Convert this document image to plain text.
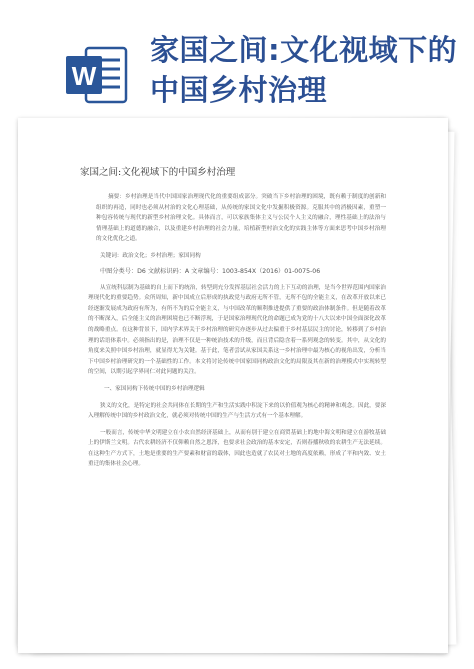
W
家国之间:文化视域下的中国乡村治理

家国之间:文化视域下的中国乡村治理

摘要：乡村治理是当代中国国家治理现代化的重要组成部分。突破当下乡村治理的困境，既有赖于制度的创新和组织的再造，同时也必须从村治的文化心理基础，从传统的家国文化中发掘积极资源。克服其中的消极因素，重塑一种包容传统与现代的新型乡村治理文化。具体而言，可以家族集体主义与公民个人主义的融合，理性基础上的法治与情理基础上的道德的融合，以及重建乡村治理的社会力量，培植新型村治文化的实践主体等方面来思考中国乡村治理的文化优化之道。

关键词：政治文化；乡村治理；家国同构

中图分类号：D6 文献标识码：A 文章编号：1003-854X（2016）01-0075-06

从宣统科层制为基础的自上而下的统治，转型到充分发挥基层社会活力的上下互动的治理，是当今世界范围内国家治理现代化的重要趋势。众所周知，新中国成立后形成的执政党与政府无所不管，无所不包的全能主义，在改革开放以来已经逐渐发展成为政府有所为，有所不为的后全能主义，与中国改革的顺利推进提供了重要的政治体制条件。但是随着改革的不断深入，后全能主义的治理困境也已不断浮现，于是国家治理现代化的命题已成为党的十八大以来中国全面深化改革的战略重点。在这种背景下，国内学术界关于乡村治理的研究亦逐步从过去偏重于乡村基层民主的讨论，转移到了乡村治理的话语体系中。必须指出的是，治理不仅是一种统治技术的升级，而且背后隐含着一系列观念的转变。其中，从文化的角度来关照中国乡村治理，就显得尤为关键。基于此，笔者尝试从家国关系这一乡村治理中最为核心的视角出发，分析当下中国乡村治理研究的一个基础性的工作。本文将讨论传统中国家国同构政治文化的局限及其在新的治理模式中实现转型的空间，以期引起学界同仁对此问题的关注。

一、家国同构下传统中国的乡村治理逻辑

狭义的文化，是特定的社会共同体在长期的生产和生活实践中积淀下来的以价值观为核心的精神和观念。因此，要深入理解传统中国的乡村政治文化，就必须对传统中国的生产与生活方式有一个基本理解。

一般而言，传统中华文明建立在小农自然经济基础上，从而有别于建立在商贸基础上的地中海文明和建立在游牧基础上的伊斯兰文明。古代农耕经济不仅仰赖自然之恩泽，也要求社会政治的基本安定，否则春播秋收的农耕生产无法延续。在这种生产方式下，土地是重要的生产要素和财富的载体，因此也造就了农民对土地的高度依赖，形成了平和内敛、安土重迁的集体社会心理。
